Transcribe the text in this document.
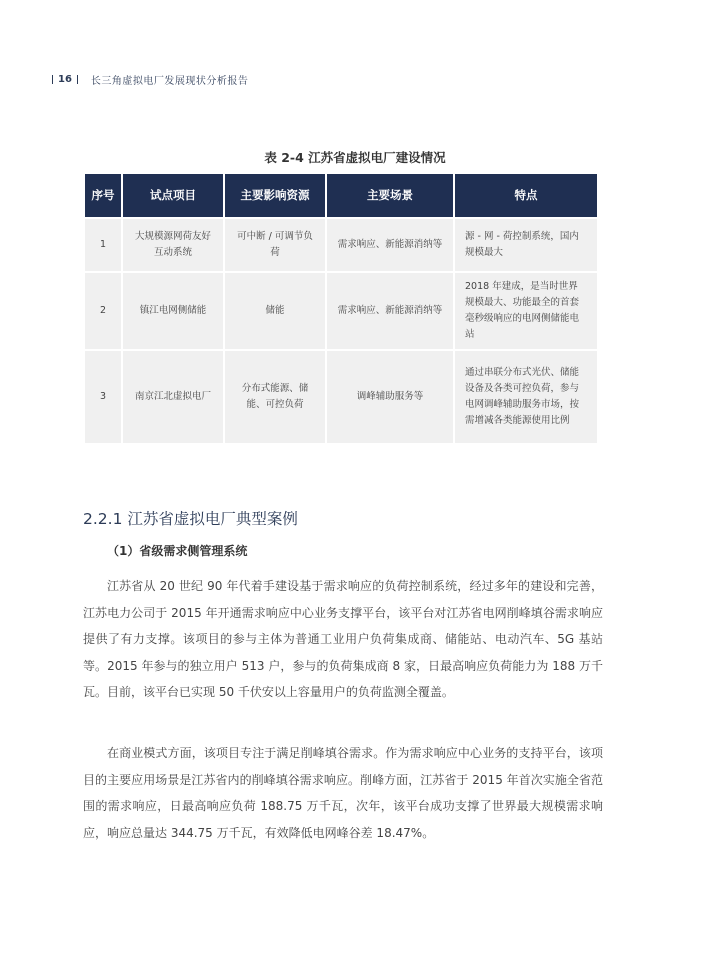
16 长三角虚拟电厂发展现状分析报告
表 2-4 江苏省虚拟电厂建设情况
序号	试点项目	主要影响资源	主要场景	特点
1	大规模源网荷友好互动系统	可中断 / 可调节负荷	需求响应、新能源消纳等	源 - 网 - 荷控制系统，国内规模最大
2	镇江电网侧储能	储能	需求响应、新能源消纳等	2018 年建成，是当时世界规模最大、功能最全的首套毫秒级响应的电网侧储能电站
3	南京江北虚拟电厂	分布式能源、储能、可控负荷	调峰辅助服务等	通过串联分布式光伏、储能设备及各类可控负荷，参与电网调峰辅助服务市场，按需增减各类能源使用比例
2.2.1 江苏省虚拟电厂典型案例
（1）省级需求侧管理系统

江苏省从 20 世纪 90 年代着手建设基于需求响应的负荷控制系统，经过多年的建设和完善，江苏电力公司于 2015 年开通需求响应中心业务支撑平台，该平台对江苏省电网削峰填谷需求响应提供了有力支撑。该项目的参与主体为普通工业用户负荷集成商、储能站、电动汽车、5G 基站等。2015 年参与的独立用户 513 户，参与的负荷集成商 8 家，日最高响应负荷能力为 188 万千瓦。目前，该平台已实现 50 千伏安以上容量用户的负荷监测全覆盖。

在商业模式方面，该项目专注于满足削峰填谷需求。作为需求响应中心业务的支持平台，该项目的主要应用场景是江苏省内的削峰填谷需求响应。削峰方面，江苏省于 2015 年首次实施全省范围的需求响应，日最高响应负荷 188.75 万千瓦，次年，该平台成功支撑了世界最大规模需求响应，响应总量达 344.75 万千瓦，有效降低电网峰谷差 18.47%。
